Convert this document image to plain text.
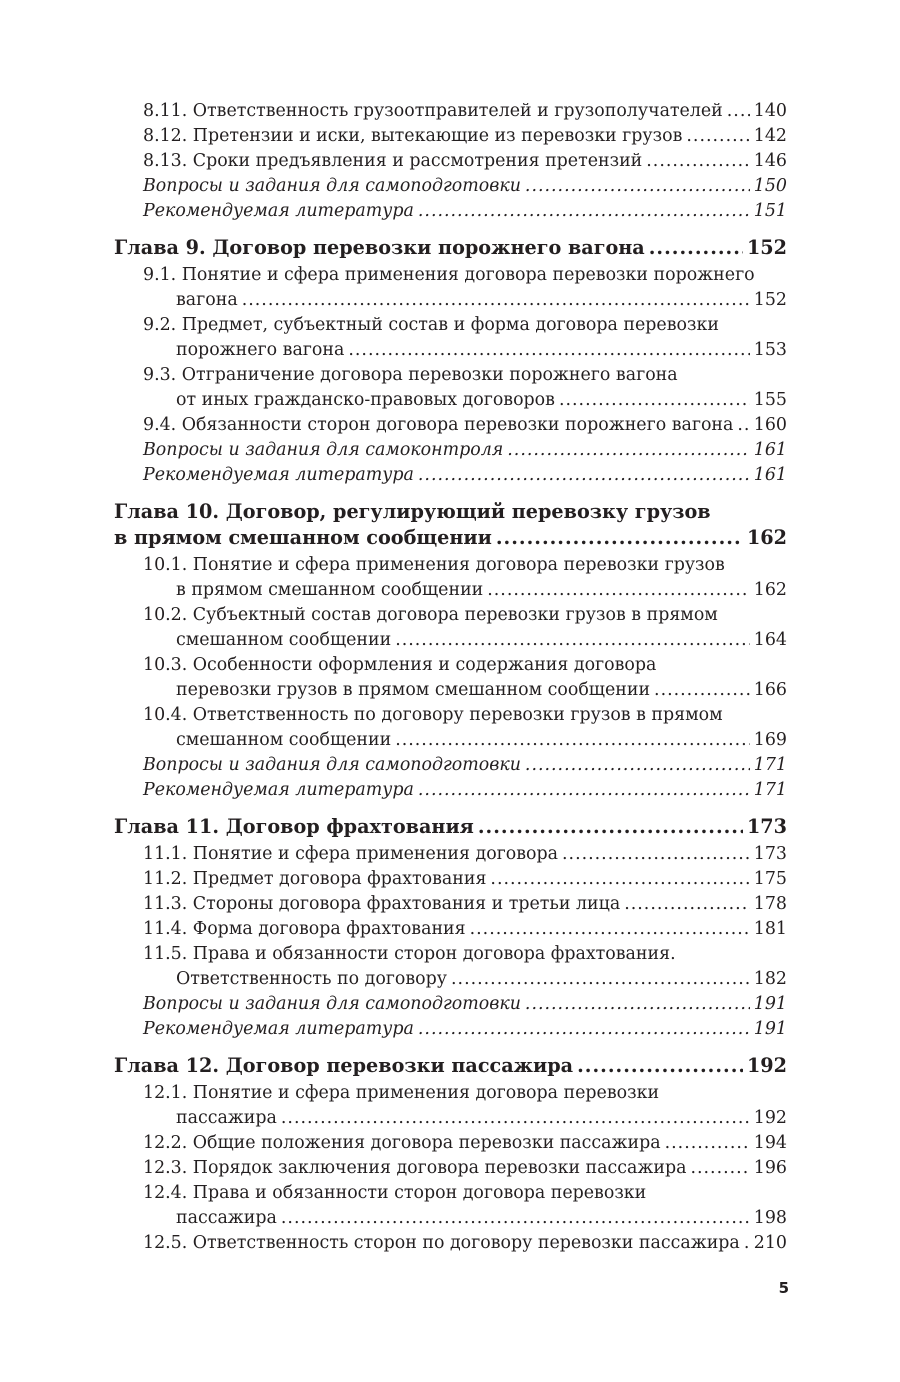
8.11. Ответственность грузоотправителей и грузополучателей ..... 140
8.12. Претензии и иски, вытекающие из перевозки грузов .....	142
8.13. Сроки предъявления и рассмотрения претензий .....	146
Вопросы и задания для самоподготовки .....	150
Рекомендуемая литература .....	151
Глава 9. Договор перевозки порожнего вагона .....	152
9.1. Понятие и сфера применения договора перевозки порожнего
вагона .....	152
9.2. Предмет, субъектный состав и форма договора перевозки
порожнего вагона .....	153
9.3. Отграничение договора перевозки порожнего вагона
от иных гражданско-правовых договоров .....	155
9.4. Обязанности сторон договора перевозки порожнего вагона ..... 160
Вопросы и задания для самоконтроля .....	161
Рекомендуемая литература .....	161
Глава 10. Договор, регулирующий перевозку грузов
в прямом смешанном сообщении .....	162
10.1. Понятие и сфера применения договора перевозки грузов
в прямом смешанном сообщении .....	162
10.2. Субъектный состав договора перевозки грузов в прямом
смешанном сообщении .....	164
10.3. Особенности оформления и содержания договора
перевозки грузов в прямом смешанном сообщении .....	166
10.4. Ответственность по договору перевозки грузов в прямом
смешанном сообщении .....	169
Вопросы и задания для самоподготовки .....	171
Рекомендуемая литература .....	171
Глава 11. Договор фрахтования .....	173
11.1. Понятие и сфера применения договора .....	173
11.2. Предмет договора фрахтования .....	175
11.3. Стороны договора фрахтования и третьи лица .....	178
11.4. Форма договора фрахтования .....	181
11.5. Права и обязанности сторон договора фрахтования.
Ответственность по договору .....	182
Вопросы и задания для самоподготовки .....	191
Рекомендуемая литература .....	191
Глава 12. Договор перевозки пассажира .....	192
12.1. Понятие и сфера применения договора перевозки
пассажира .....	192
12.2. Общие положения договора перевозки пассажира .....	194
12.3. Порядок заключения договора перевозки пассажира .....	196
12.4. Права и обязанности сторон договора перевозки
пассажира .....	198
12.5. Ответственность сторон по договору перевозки пассажира ..... 210
5
